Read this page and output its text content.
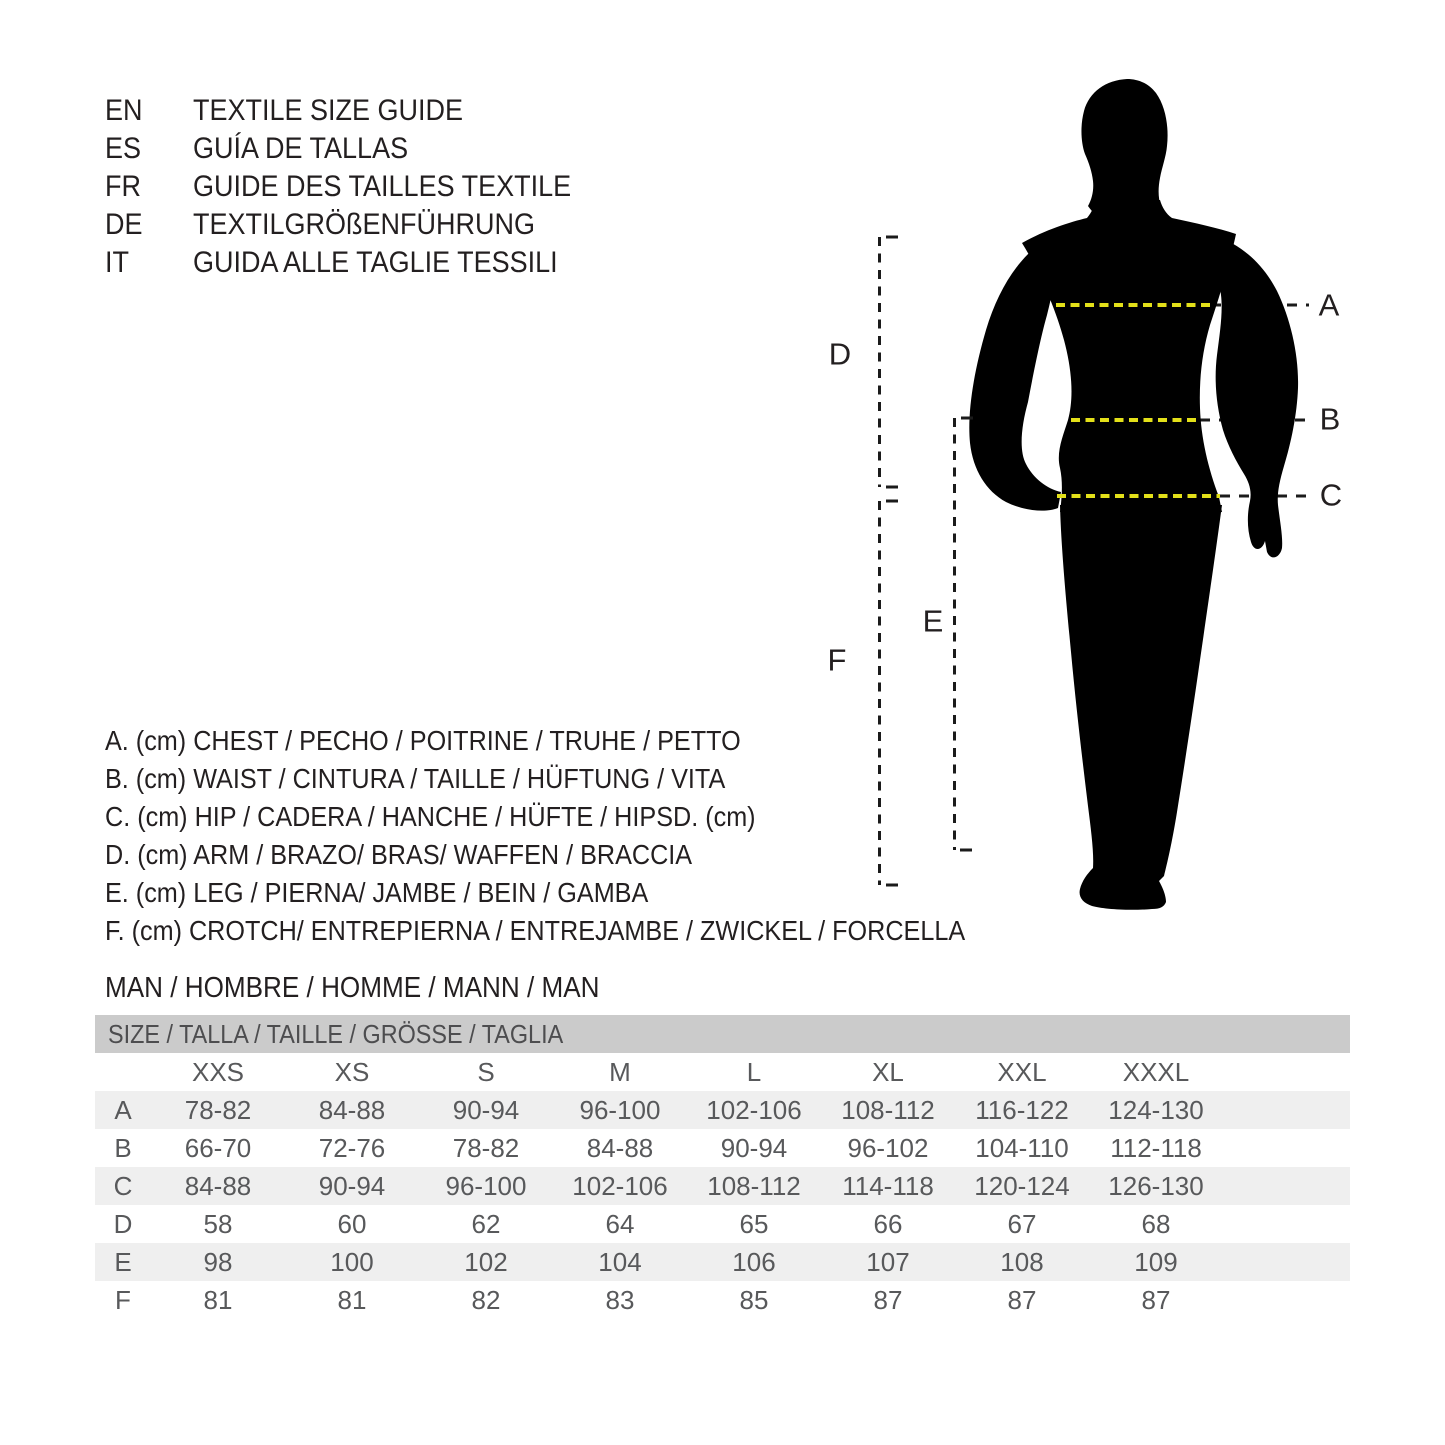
EN	TEXTILE SIZE GUIDE
ES	GUÍA DE TALLAS
FR	GUIDE DES TAILLES TEXTILE
DE	TEXTILGRÖßENFÜHRUNG
IT	GUIDA ALLE TAGLIE TESSILI
A. (cm) CHEST / PECHO / POITRINE / TRUHE / PETTO
B. (cm) WAIST / CINTURA / TAILLE / HÜFTUNG / VITA
C. (cm) HIP / CADERA / HANCHE / HÜFTE / HIPSD. (cm)
D. (cm) ARM / BRAZO/ BRAS/ WAFFEN / BRACCIA
E. (cm) LEG / PIERNA/ JAMBE / BEIN / GAMBA
F. (cm) CROTCH/ ENTREPIERNA / ENTREJAMBE / ZWICKEL / FORCELLA
MAN / HOMBRE / HOMME / MANN / MAN
SIZE / TALLA / TAILLE / GRÖSSE / TAGLIA									
	XXS	XS	S	M	L	XL	XXL	XXXL	
A	78-82	84-88	90-94	96-100	102-106	108-112	116-122	124-130	
B	66-70	72-76	78-82	84-88	90-94	96-102	104-110	112-118	
C	84-88	90-94	96-100	102-106	108-112	114-118	120-124	126-130	
D	58	60	62	64	65	66	67	68	
E	98	100	102	104	106	107	108	109	
F	81	81	82	83	85	87	87	87	
A
B
C
D
E
F
